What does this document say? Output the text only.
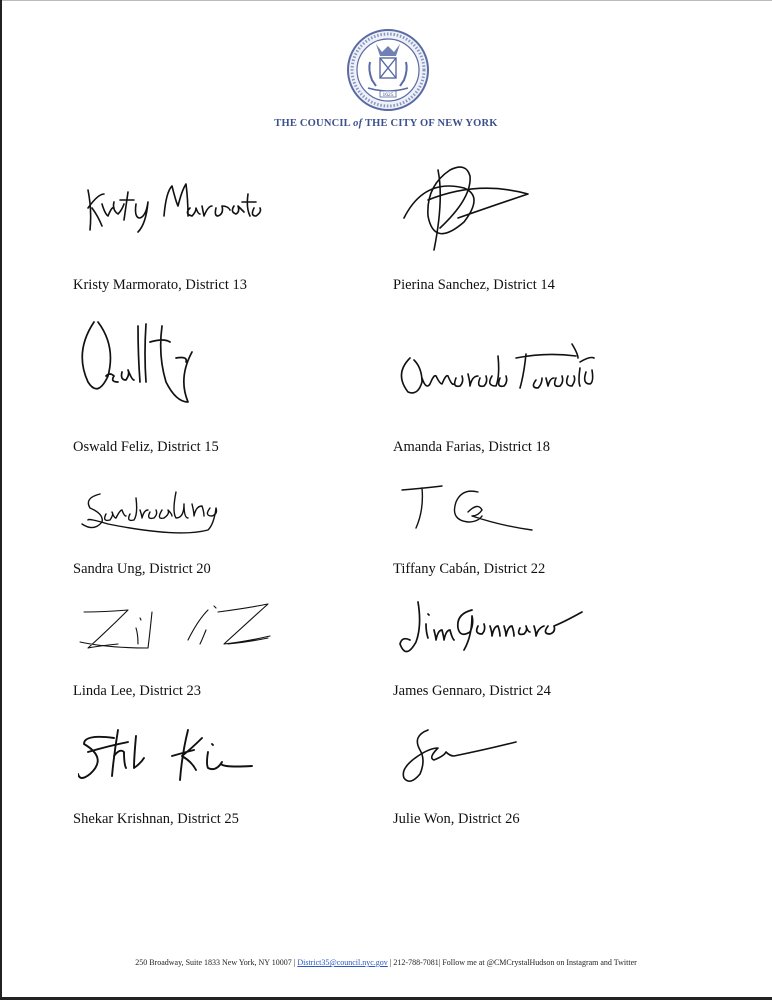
1625
THE COUNCIL of THE CITY OF NEW YORK
Kristy Marmorato, District 13	Pierina Sanchez, District 14
Oswald Feliz, District 15	Amanda Farias, District 18
Sandra Ung, District 20	Tiffany Cabán, District 22
Linda Lee, District 23	James Gennaro, District 24
Shekar Krishnan, District 25	Julie Won, District 26
250 Broadway, Suite 1833 New York, NY 10007 | District35@council.nyc.gov | 212-788-7081| Follow me at @CMCrystalHudson on Instagram and Twitter
